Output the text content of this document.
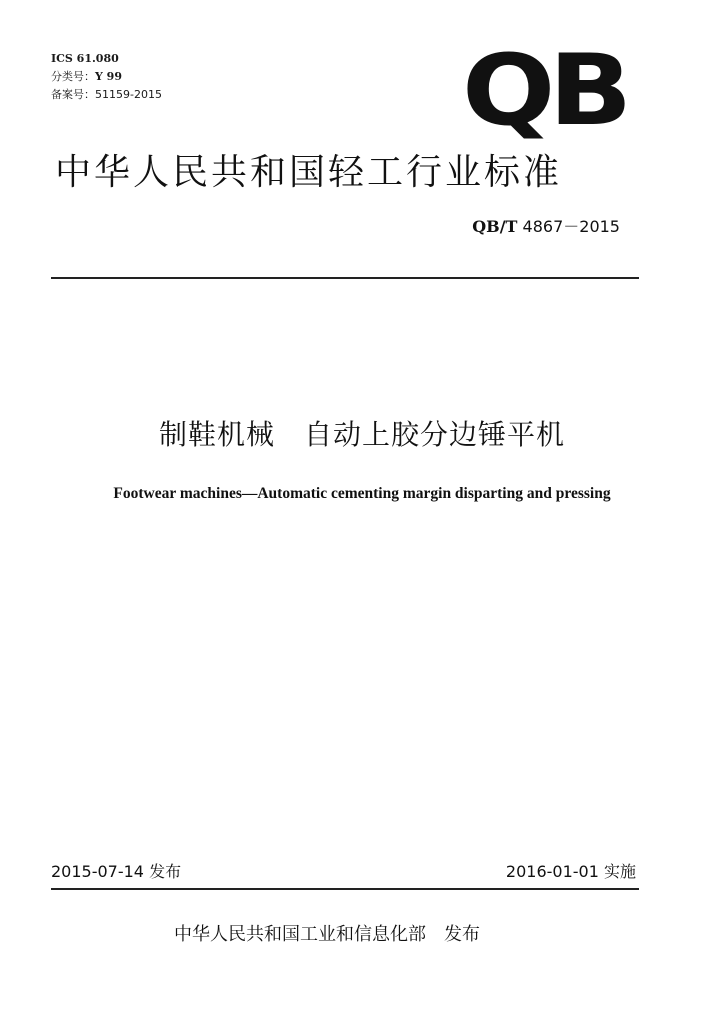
ICS 61.080
分类号：Y 99
备案号：51159-2015	QB
中华人民共和国轻工行业标准
QB/T 4867－2015
制鞋机械　自动上胶分边锤平机
Footwear machines—Automatic cementing margin disparting and pressing
2015-07-14 发布	2016-01-01 实施
中华人民共和国工业和信息化部　发布
